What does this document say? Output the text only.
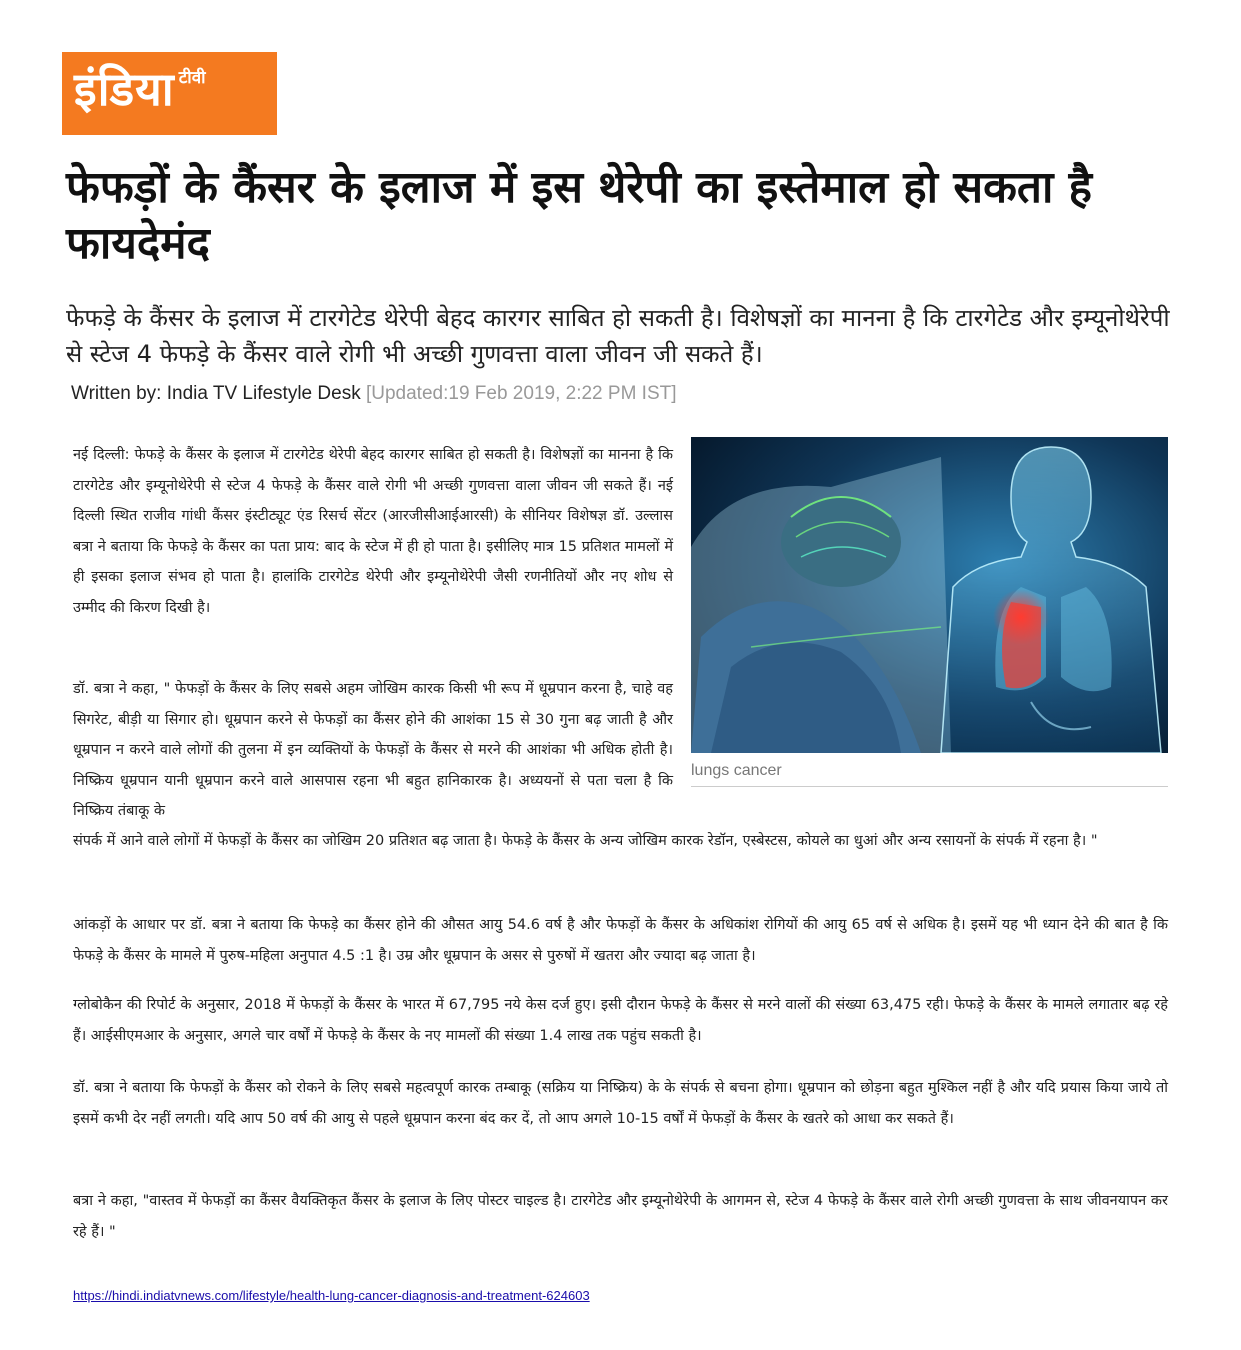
इंडिया टीवी
फेफड़ों के कैंसर के इलाज में इस थेरेपी का इस्तेमाल हो सकता है फायदेमंद

फेफड़े के कैंसर के इलाज में टारगेटेड थेरेपी बेहद कारगर साबित हो सकती है। विशेषज्ञों का मानना है कि टारगेटेड और इम्यूनोथेरेपी से स्टेज 4 फेफड़े के कैंसर वाले रोगी भी अच्छी गुणवत्ता वाला जीवन जी सकते हैं।

Written by: India TV Lifestyle Desk [Updated:19 Feb 2019, 2:22 PM IST]
lungs cancer

नई दिल्ली: फेफड़े के कैंसर के इलाज में टारगेटेड थेरेपी बेहद कारगर साबित हो सकती है। विशेषज्ञों का मानना है कि टारगेटेड और इम्यूनोथेरेपी से स्टेज 4 फेफड़े के कैंसर वाले रोगी भी अच्छी गुणवत्ता वाला जीवन जी सकते हैं। नई दिल्ली स्थित राजीव गांधी कैंसर इंस्टीट्यूट एंड रिसर्च सेंटर (आरजीसीआईआरसी) के सीनियर विशेषज्ञ डॉ. उल्लास बत्रा ने बताया कि फेफड़े के कैंसर का पता प्राय: बाद के स्टेज में ही हो पाता है। इसीलिए मात्र 15 प्रतिशत मामलों में ही इसका इलाज संभव हो पाता है। हालांकि टारगेटेड थेरेपी और इम्यूनोथेरेपी जैसी रणनीतियों और नए शोध से उम्मीद की किरण दिखी है।

डॉ. बत्रा ने कहा, " फेफड़ों के कैंसर के लिए सबसे अहम जोखिम कारक किसी भी रूप में धूम्रपान करना है, चाहे वह सिगरेट, बीड़ी या सिगार हो। धूम्रपान करने से फेफड़ों का कैंसर होने की आशंका 15 से 30 गुना बढ़ जाती है और धूम्रपान न करने वाले लोगों की तुलना में इन व्यक्तियों के फेफड़ों के कैंसर से मरने की आशंका भी अधिक होती है। निष्क्रिय धूम्रपान यानी धूम्रपान करने वाले आसपास रहना भी बहुत हानिकारक है। अध्ययनों से पता चला है कि निष्क्रिय तंबाकू के

संपर्क में आने वाले लोगों में फेफड़ों के कैंसर का जोखिम 20 प्रतिशत बढ़ जाता है। फेफड़े के कैंसर के अन्य जोखिम कारक रेडॉन, एस्बेस्टस, कोयले का धुआं और अन्य रसायनों के संपर्क में रहना है। "

आंकड़ों के आधार पर डॉ. बत्रा ने बताया कि फेफड़े का कैंसर होने की औसत आयु 54.6 वर्ष है और फेफड़ों के कैंसर के अधिकांश रोगियों की आयु 65 वर्ष से अधिक है। इसमें यह भी ध्यान देने की बात है कि फेफड़े के कैंसर के मामले में पुरुष-महिला अनुपात 4.5 :1 है। उम्र और धूम्रपान के असर से पुरुषों में खतरा और ज्यादा बढ़ जाता है।

ग्लोबोकैन की रिपोर्ट के अनुसार, 2018 में फेफड़ों के कैंसर के भारत में 67,795 नये केस दर्ज हुए। इसी दौरान फेफड़े के कैंसर से मरने वालों की संख्या 63,475 रही। फेफड़े के कैंसर के मामले लगातार बढ़ रहे हैं। आईसीएमआर के अनुसार, अगले चार वर्षों में फेफड़े के कैंसर के नए मामलों की संख्या 1.4 लाख तक पहुंच सकती है।

डॉ. बत्रा ने बताया कि फेफड़ों के कैंसर को रोकने के लिए सबसे महत्वपूर्ण कारक तम्बाकू (सक्रिय या निष्क्रिय) के के संपर्क से बचना होगा। धूम्रपान को छोड़ना बहुत मुश्किल नहीं है और यदि प्रयास किया जाये तो इसमें कभी देर नहीं लगती। यदि आप 50 वर्ष की आयु से पहले धूम्रपान करना बंद कर दें, तो आप अगले 10-15 वर्षों में फेफड़ों के कैंसर के खतरे को आधा कर सकते हैं।

बत्रा ने कहा, "वास्तव में फेफड़ों का कैंसर वैयक्तिकृत कैंसर के इलाज के लिए पोस्टर चाइल्ड है। टारगेटेड और इम्यूनोथेरेपी के आगमन से, स्टेज 4 फेफड़े के कैंसर वाले रोगी अच्छी गुणवत्ता के साथ जीवनयापन कर रहे हैं। "

https://hindi.indiatvnews.com/lifestyle/health-lung-cancer-diagnosis-and-treatment-624603
